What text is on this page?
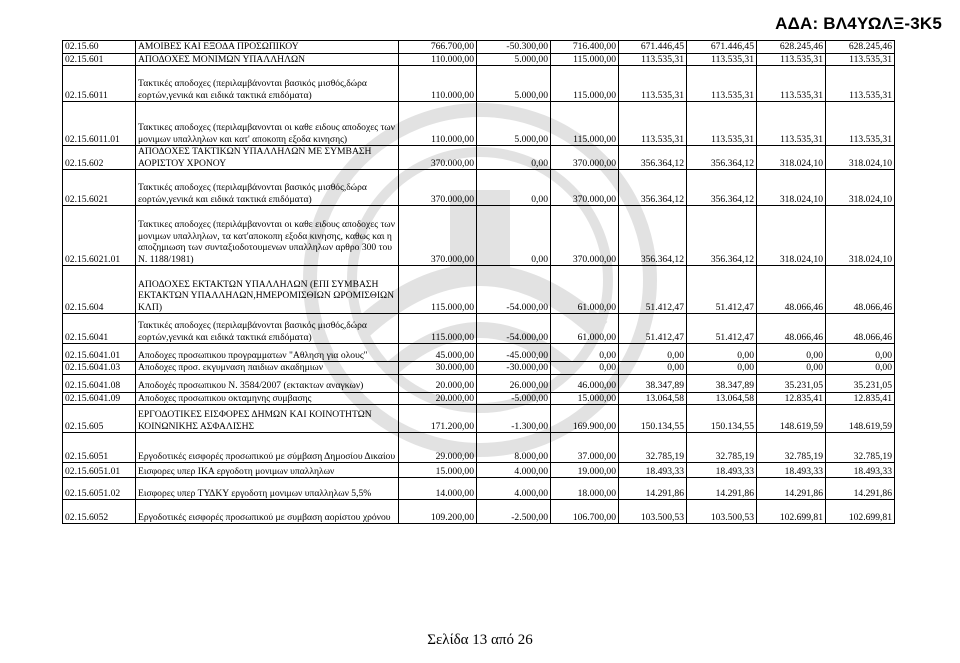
ΑΔΑ: ΒΛ4ΥΩΛΞ-3Κ5
02.15.60	ΑΜΟΙΒΕΣ ΚΑΙ ΕΞΟΔΑ ΠΡΟΣΩΠΙΚΟΥ	766.700,00	-50.300,00	716.400,00	671.446,45	671.446,45	628.245,46	628.245,46
02.15.601	ΑΠΟΔΟΧΕΣ ΜΟΝΙΜΩΝ ΥΠΑΛΛΗΛΩΝ	110.000,00	5.000,00	115.000,00	113.535,31	113.535,31	113.535,31	113.535,31
02.15.6011	Τακτικές αποδοχες (περιλαμβάνονται βασικός μισθός,δώρα εορτών,γενικά και ειδικά τακτικά επιδόματα)	110.000,00	5.000,00	115.000,00	113.535,31	113.535,31	113.535,31	113.535,31
02.15.6011.01	Τακτικες αποδοχες (περιλαμβανονται οι καθε ειδους αποδοχες των μονιμων υπαλληλων και κατ' αποκοπη εξοδα κινησης)	110.000,00	5.000,00	115.000,00	113.535,31	113.535,31	113.535,31	113.535,31
02.15.602	ΑΠΟΔΟΧΕΣ ΤΑΚΤΙΚΩΝ ΥΠΑΛΛΗΛΩΝ ΜΕ ΣΥΜΒΑΣΗ ΑΟΡΙΣΤΟΥ ΧΡΟΝΟΥ	370.000,00	0,00	370.000,00	356.364,12	356.364,12	318.024,10	318.024,10
02.15.6021	Τακτικές αποδοχες (περιλαμβάνονται βασικός μισθός,δώρα εορτών,γενικά και ειδικά τακτικά επιδόματα)	370.000,00	0,00	370.000,00	356.364,12	356.364,12	318.024,10	318.024,10
02.15.6021.01	Τακτικες αποδοχες (περιλάμβανονται οι καθε ειδους αποδοχες των μονιμων υπαλληλων, τα κατ'αποκοπη εξοδα κινησης, καθως και η αποζημιωση των συνταξιοδοτουμενων υπαλληλων αρθρο 300 του Ν. 1188/1981)	370.000,00	0,00	370.000,00	356.364,12	356.364,12	318.024,10	318.024,10
02.15.604	ΑΠΟΔΟΧΕΣ ΕΚΤΑΚΤΩΝ ΥΠΑΛΛΗΛΩΝ (ΕΠΙ ΣΥΜΒΑΣΗ ΕΚΤΑΚΤΩΝ ΥΠΑΛΛΗΛΩΝ,ΗΜΕΡΟΜΙΣΘΙΩΝ ΩΡΟΜΙΣΘΙΩΝ ΚΛΠ)	115.000,00	-54.000,00	61.000,00	51.412,47	51.412,47	48.066,46	48.066,46
02.15.6041	Τακτικές αποδοχες (περιλαμβάνονται βασικός μισθός,δώρα εορτών,γενικά και ειδικά τακτικά επιδόματα)	115.000,00	-54.000,00	61.000,00	51.412,47	51.412,47	48.066,46	48.066,46
02.15.6041.01	Αποδοχες προσωπικου προγραμματων "Αθληση για ολους"	45.000,00	-45.000,00	0,00	0,00	0,00	0,00	0,00
02.15.6041.03	Αποδοχες προσ. εκγυμναση παιδιων ακαδημιων	30.000,00	-30.000,00	0,00	0,00	0,00	0,00	0,00
02.15.6041.08	Αποδοχές προσωπικου Ν. 3584/2007 (εκτακτων αναγκων)	20.000,00	26.000,00	46.000,00	38.347,89	38.347,89	35.231,05	35.231,05
02.15.6041.09	Αποδοχες προσωπικου οκταμηνης συμβασης	20.000,00	-5.000,00	15.000,00	13.064,58	13.064,58	12.835,41	12.835,41
02.15.605	ΕΡΓΟΔΟΤΙΚΕΣ ΕΙΣΦΟΡΕΣ ΔΗΜΩΝ ΚΑΙ ΚΟΙΝΟΤΗΤΩΝ ΚΟΙΝΩΝΙΚΗΣ ΑΣΦΑΛΙΣΗΣ	171.200,00	-1.300,00	169.900,00	150.134,55	150.134,55	148.619,59	148.619,59
02.15.6051	Εργοδοτικές εισφορές προσωπικού με σύμβαση Δημοσίου Δικαίου	29.000,00	8.000,00	37.000,00	32.785,19	32.785,19	32.785,19	32.785,19
02.15.6051.01	Εισφορες υπερ ΙΚΑ εργοδοτη μονιμων υπαλληλων	15.000,00	4.000,00	19.000,00	18.493,33	18.493,33	18.493,33	18.493,33
02.15.6051.02	Εισφορες υπερ ΤΥΔΚΥ εργοδοτη μονιμων υπαλληλων 5,5%	14.000,00	4.000,00	18.000,00	14.291,86	14.291,86	14.291,86	14.291,86
02.15.6052	Εργοδοτικές εισφορές προσωπικού με συμβαση αορίστου χρόνου	109.200,00	-2.500,00	106.700,00	103.500,53	103.500,53	102.699,81	102.699,81
Σελίδα 13 από 26
